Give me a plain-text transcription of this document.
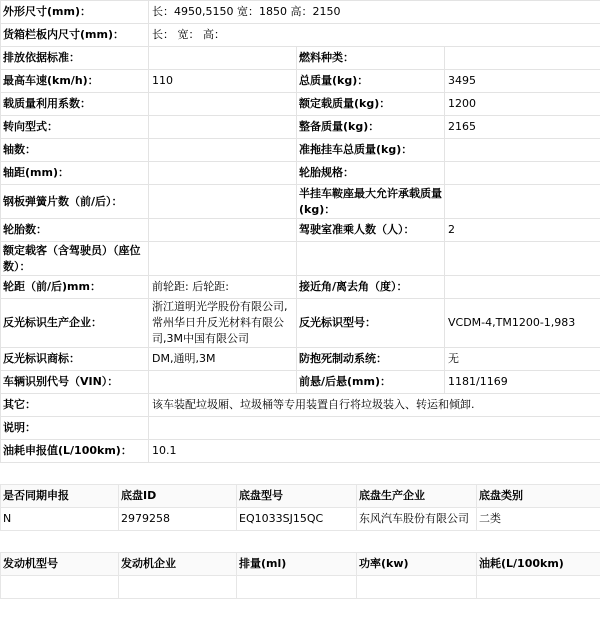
外形尺寸(mm)：	长：4950,5150 宽：1850 高：2150		
货箱栏板内尺寸(mm)：	长： 宽： 高：		
排放依据标准：		燃料种类：	
最高车速(km/h)：	110	总质量(kg)：	3495
载质量利用系数：		额定载质量(kg)：	1200
转向型式：		整备质量(kg)：	2165
轴数：		准拖挂车总质量(kg)：	
轴距(mm)：		轮胎规格：	
钢板弹簧片数（前/后）：		半挂车鞍座最大允许承载质量(kg)：	
轮胎数：		驾驶室准乘人数（人）：	2
额定载客（含驾驶员）（座位数）：			
轮距（前/后)mm：	前轮距: 后轮距:	接近角/离去角（度）：	
反光标识生产企业：	浙江道明光学股份有限公司,常州华日升反光材料有限公司,3M中国有限公司	反光标识型号：	VCDM-4,TM1200-1,983
反光标识商标：	DM,通明,3M	防抱死制动系统：	无
车辆识别代号（VIN）：		前悬/后悬(mm)：	1181/1169
其它：	该车装配垃圾厢、垃圾桶等专用装置自行将垃圾装入、转运和倾卸.		
说明：			
油耗申报值(L/100km)：	10.1		
是否同期申报	底盘ID	底盘型号	底盘生产企业	底盘类别
N	2979258	EQ1033SJ15QC	东风汽车股份有限公司	二类
发动机型号	发动机企业	排量(ml)	功率(kw)	油耗(L/100km)
